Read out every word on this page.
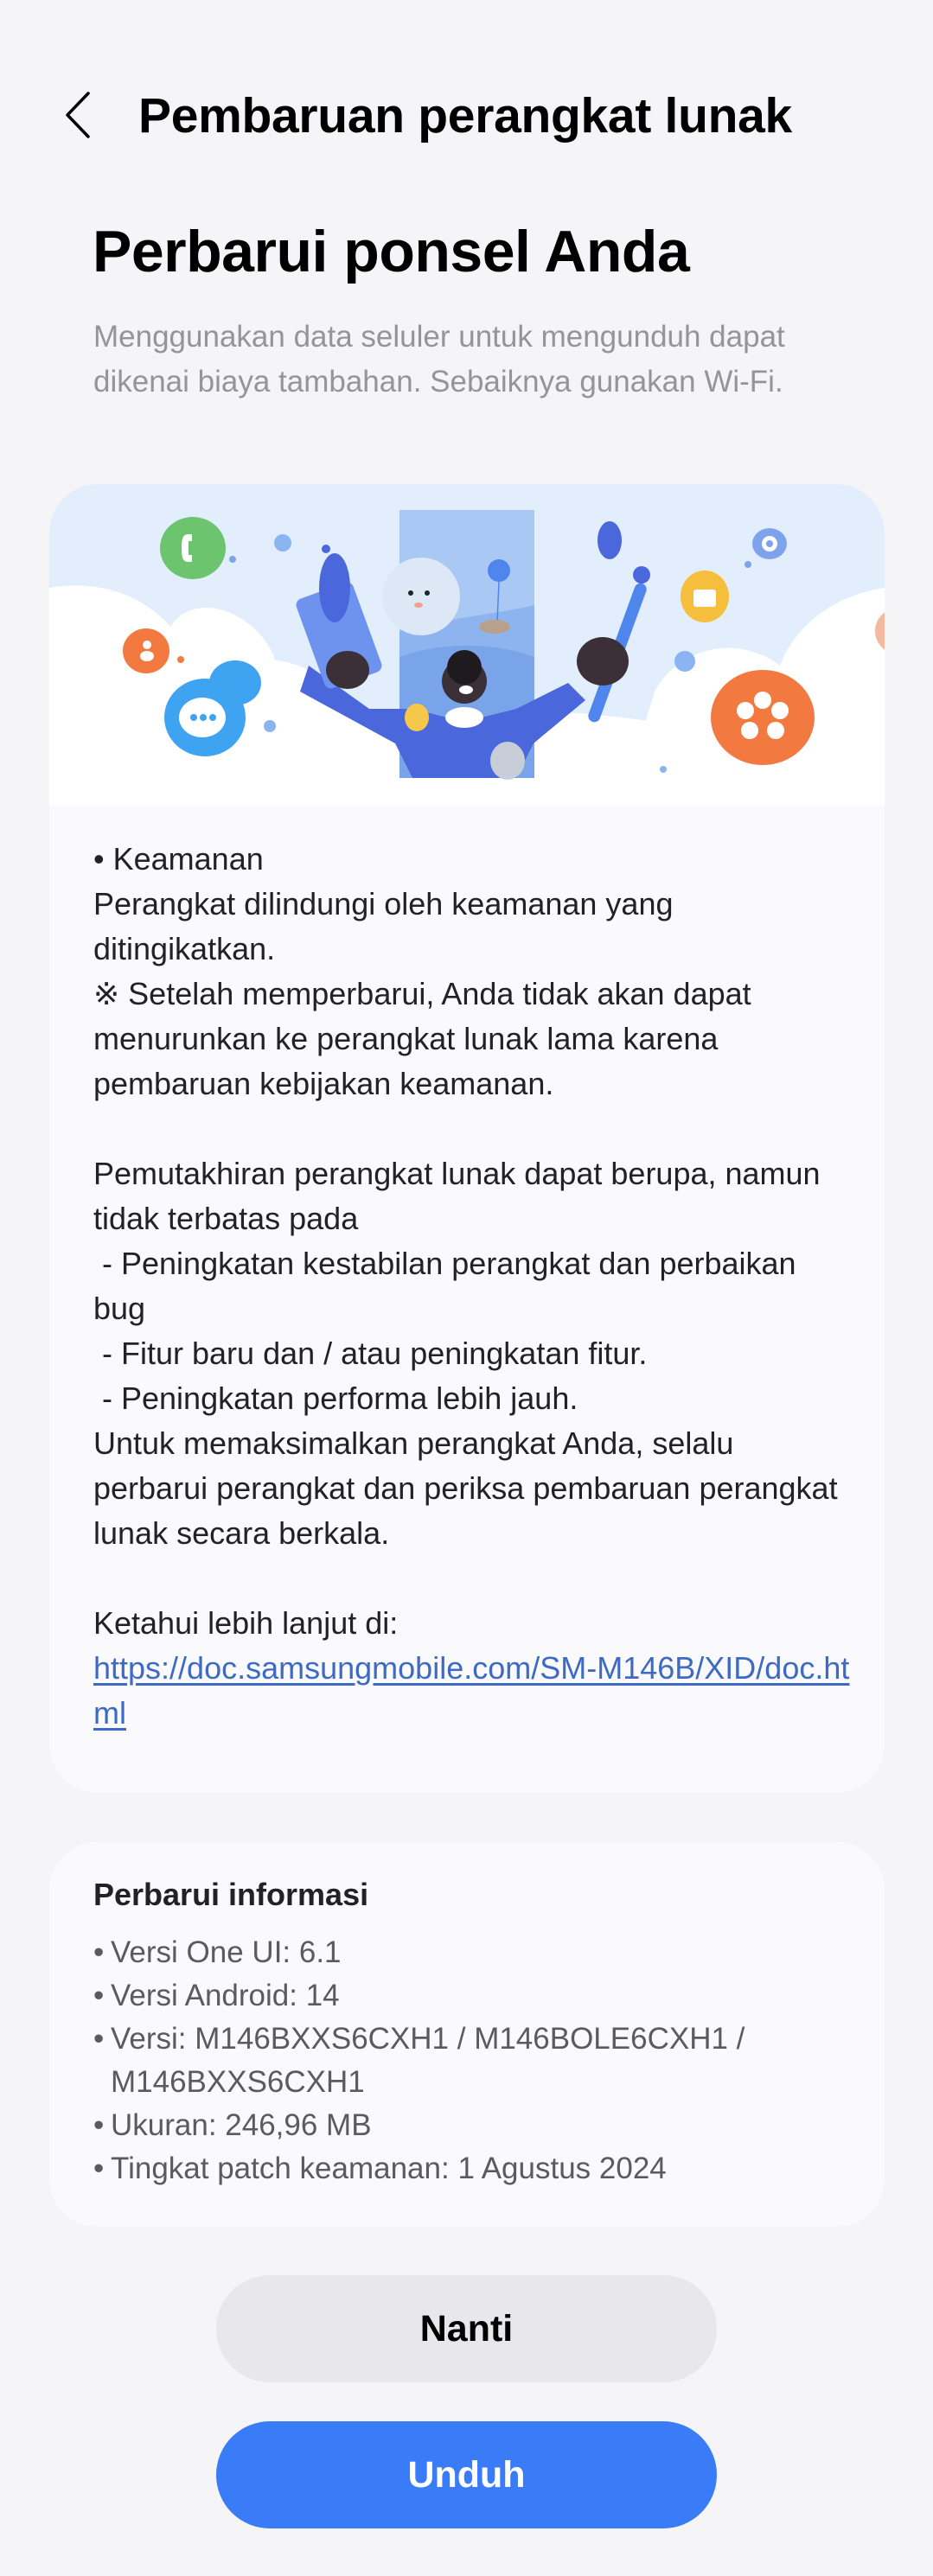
Pembaruan perangkat lunak
Perbarui ponsel Anda
Menggunakan data seluler untuk mengunduh dapat dikenai biaya tambahan. Sebaiknya gunakan Wi-Fi.

• Keamanan

Perangkat dilindungi oleh keamanan yang ditingikatkan.

※ Setelah memperbarui, Anda tidak akan dapat menurunkan ke perangkat lunak lama karena pembaruan kebijakan keamanan.

Pemutakhiran perangkat lunak dapat berupa, namun tidak terbatas pada

- Peningkatan kestabilan perangkat dan perbaikan bug

- Fitur baru dan / atau peningkatan fitur.

- Peningkatan performa lebih jauh.

Untuk memaksimalkan perangkat Anda, selalu perbarui perangkat dan periksa pembaruan perangkat lunak secara berkala.

Ketahui lebih lanjut di:

https://doc.samsungmobile.com/SM-M146B/XID/doc.html
Perbarui informasi
• Versi One UI: 6.1
• Versi Android: 14
• Versi: M146BXXS6CXH1 / M146BOLE6CXH1 / M146BXXS6CXH1
• Ukuran: 246,96 MB
• Tingkat patch keamanan: 1 Agustus 2024
Nanti
Unduh
